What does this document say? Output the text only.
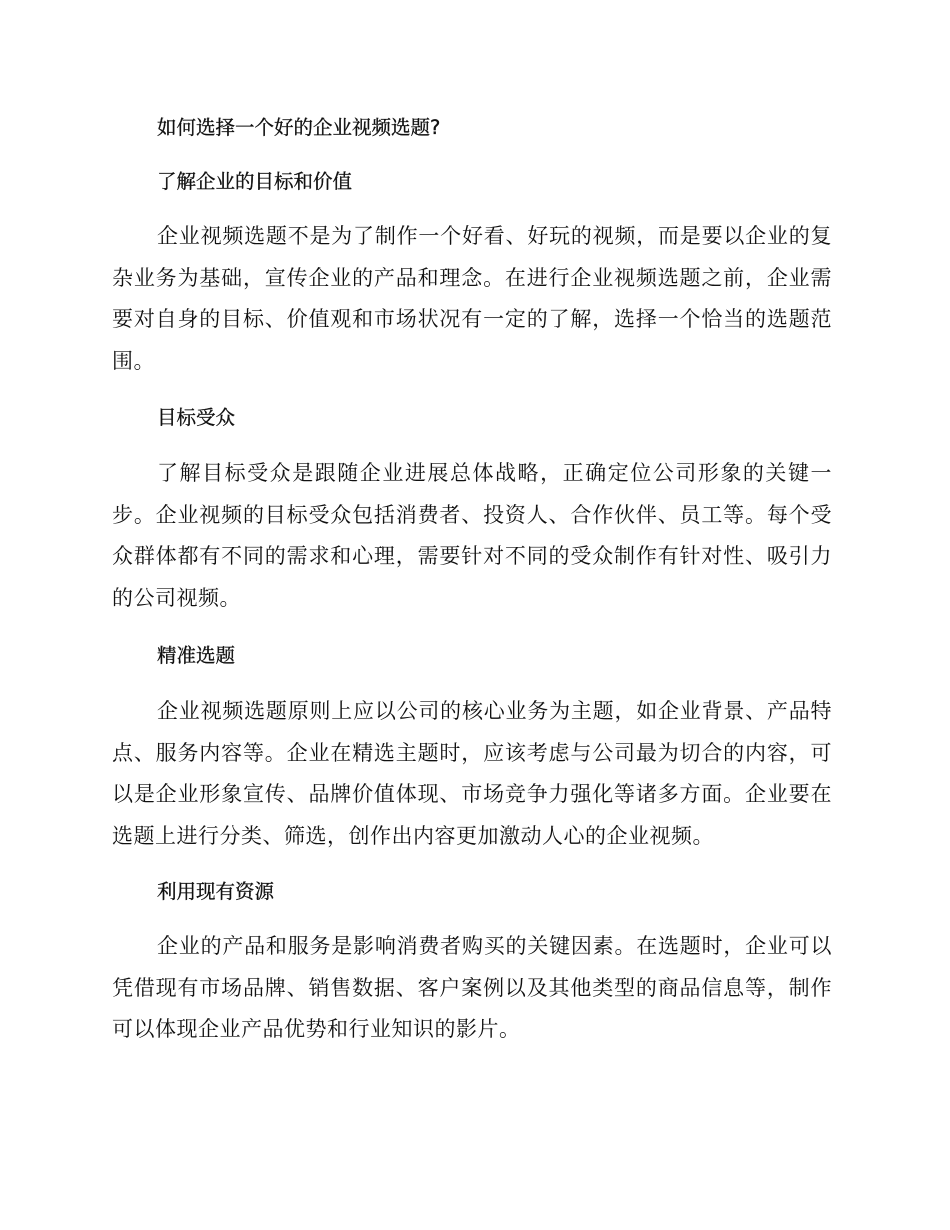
如何选择一个好的企业视频选题?
了解企业的目标和价值

企业视频选题不是为了制作一个好看、好玩的视频，而是要以企业的复杂业务为基础，宣传企业的产品和理念。在进行企业视频选题之前，企业需要对自身的目标、价值观和市场状况有一定的了解，选择一个恰当的选题范围。

目标受众

了解目标受众是跟随企业进展总体战略，正确定位公司形象的关键一步。企业视频的目标受众包括消费者、投资人、合作伙伴、员工等。每个受众群体都有不同的需求和心理，需要针对不同的受众制作有针对性、吸引力的公司视频。

精准选题

企业视频选题原则上应以公司的核心业务为主题，如企业背景、产品特点、服务内容等。企业在精选主题时，应该考虑与公司最为切合的内容，可以是企业形象宣传、品牌价值体现、市场竞争力强化等诸多方面。企业要在选题上进行分类、筛选，创作出内容更加激动人心的企业视频。

利用现有资源

企业的产品和服务是影响消费者购买的关键因素。在选题时，企业可以凭借现有市场品牌、销售数据、客户案例以及其他类型的商品信息等，制作可以体现企业产品优势和行业知识的影片。
